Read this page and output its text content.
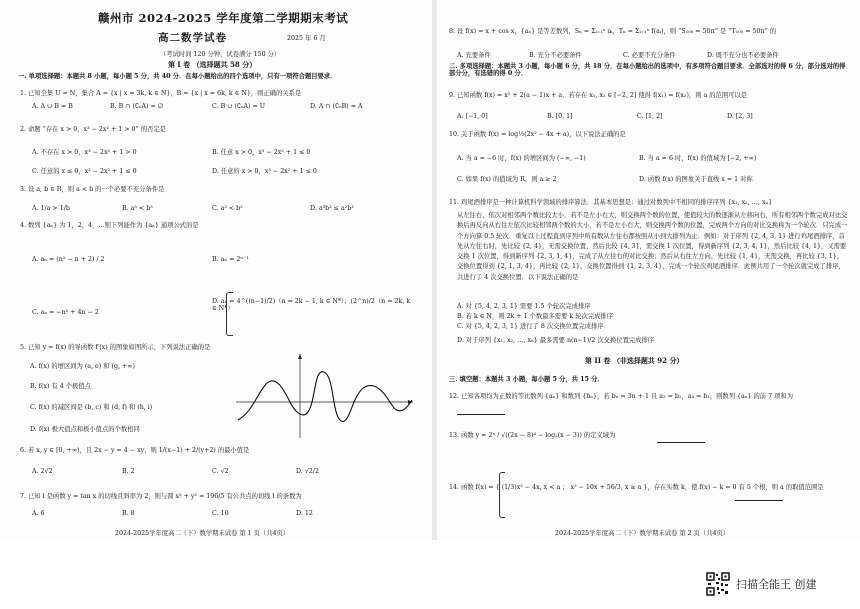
赣州市 2024-2025 学年度第二学期期末考试
高二数学试卷	2025 年 6 月
（考试时间 120 分钟，试卷满分 150 分）
第 I 卷 （选择题共 58 分）
一. 单项选择题：本题共 8 小题，每小题 5 分，共 40 分．在每小题给出的四个选项中，只有一项符合题目要求．
1. 已知全集 U = N，集合 A = {x | x = 3k, k ∈ N}，B = {x | x = 6k, k ∈ N}，则正确的关系是
A. A ∪ B = B	B. B ∩ (∁ᵤA) = ∅	C. B ∪ (∁ᵤA) = U	D. A ∩ (∁ᵤB) = A
2. 命题 “存在 x > 0，x³ − 2x² + 1 > 0” 的否定是
A. 不存在 x > 0，x³ − 2x² + 1 > 0	B. 任意 x > 0，x³ − 2x² + 1 ≤ 0
C. 任意的 x ≤ 0，x³ − 2x² + 1 ≤ 0	D. 任意的 x > 0，x³ − 2x² + 1 ≤ 0
3. 设 a, b ∈ R，则 a < b 的一个必要不充分条件是
A. 1/a > 1/b	B. a³ < b³	C. a² < b²	D. a³b² ≤ a²b³
4. 数列 {aₙ} 为 1，2，4，…则下列能作为 {aₙ} 通项公式的是
A. aₙ = (n² − n + 2) / 2	B. aₙ = 2ⁿ⁻¹
C. aₙ = −n² + 4n − 2
D. aₙ = 4^((n−1)/2)（n = 2k − 1, k ∈ N*）；(2^n)/2（n = 2k, k ∈ N*）
5. 已知 y = f(x) 的导函数 f′(x) 的图象如图所示，下列说法正确的是
A. f(x) 的增区间为 (a, e) 和 (g, +∞)
B. f(x) 有 4 个极值点
C. f(x) 的减区间是 (b, c) 和 (d, f) 和 (h, i)
D. f(x) 极大值点和极小值点的个数相同
6. 若 x, y ∈ [0, +∞)，且 2x − y = 4 − xy，则 1/(x−1) + 2/(y+2) 的最小值是
A. 2√2	B. 2	C. √2	D. √2/2
7. 已知 l 是函数 y = tan x 的切线且斜率为 2，则与圆 x² + y² = 196/5 有公共点的切线 l 的条数为
A. 6	B. 8	C. 10	D. 12
2024-2025学年度高二（下）数学期末试卷 第 1 页（共4页）
8. 设 f(x) = x + cos x，{aₙ} 是等差数列，Sₙ = Σᵢ₌₁ⁿ aᵢ，Tₙ = Σᵢ₌₁ⁿ f(aᵢ)，则 “S₁₀₀ = 50π” 是 “T₁₀₀ = 50π” 的
A. 充要条件	B. 充分不必要条件	C. 必要不充分条件	D. 既不充分也不必要条件
二. 多项选择题：本题共 3 小题，每小题 6 分，共 18 分．在每小题给出的选项中，有多项符合题目要求．全部选对的得 6 分，部分选对的得部分分，有选错的得 0 分．
9. 已知函数 f(x) = x² + 2(a − 1)x + a，若存在 x₁, x₂ ∈ [−2, 2] 使得 f(x₁) = f(x₂)，则 a 的范围可以是
A. [−1, 0]	B. [0, 1]	C. [1, 2]	D. [2, 3]
10. 关于函数 f(x) = log½(2x² − 4x + a)，以下说法正确的是
A. 当 a = −6 时，f(x) 的增区间为 (−∞, −1)	B. 当 a = 6 时，f(x) 的值域为 [−2, +∞)
C. 如果 f(x) 的值域为 R，则 a ≥ 2	D. 函数 f(x) 的图象关于直线 x = 1 对称
11. 鸡尾酒排序是一种计算机科学领域的排序算法．其基本思想是：通过对数列中不相同的排序序列 {x₁, x₂, …, xₙ}
从左往右，依次对相邻两个数比较大小，若不是左小右大，则交换两个数的位置，使值较大的数逐渐从左移向右，所有相邻两个数完成对比交换后再反向从右往左依次比较相邻两个数的大小，若不是左小右大，则交换两个数的位置，完成两个方向的对比交换称为一个轮次．只完成一个方向算 0.5 轮次．重复以上过程直到序列中所有数从左往右都按照从小到大排列为止．例如：对于序列 {2, 4, 3, 1} 进行鸡尾酒排序，首先从左往右时，先比较 {2, 4}，无需交换位置，然后比较 {4, 3}，需交换 1 次位置，得到新序列 {2, 3, 4, 1}，然后比较 {4, 1}，又需要交换 1 次位置，得到新序列 {2, 3, 1, 4}，完成了从左往右的对比交换；然后从右往左方向，先比较 {1, 4}，无需交换，再比较 {3, 1}，交换位置得到 {2, 1, 3, 4}，再比较 {2, 1}，交换位置得到 {1, 2, 3, 4}，完成一个轮次鸡尾酒排序．此例共用了一个轮次就完成了排序，共进行了 4 次交换位置．以下说法正确的是
A. 对 {5, 4, 2, 3, 1} 需要 1.5 个轮次完成排序
B. 若 k ∈ N，则 2k + 1 个数最多需要 k 轮次完成排序
C. 对 {5, 4, 2, 3, 1} 进行了 8 次交换位置完成排序
D. 对于序列 {x₁, x₂, …, xₙ} 最多需要 n(n−1)/2 次交换位置完成排序
第 II 卷 （非选择题共 92 分）
三. 填空题：本题共 3 小题，每小题 5 分，共 15 分．
12. 已知各项均为正数的等比数列 {aₙ} 和数列 {bₙ}，若 bₙ = 3n + 1 且 a₂ = b₂，a₄ = b₁，则数列 {aₙ} 的前 7 项和为
13. 函数 y = 2ˣ / √((2x − 8)⁴ − log₂(x − 3)) 的定义域为
14. 函数 f(x) = { (1/3)x³ − 4x, x < a ； x² − 10x + 56/3, x ≥ a }，存在实数 k，使 f(x) − k = 0 有 5 个根，则 a 的取值范围是
2024-2025学年度高二（下）数学期末试卷 第 2 页（共4页）
扫描全能王 创建
